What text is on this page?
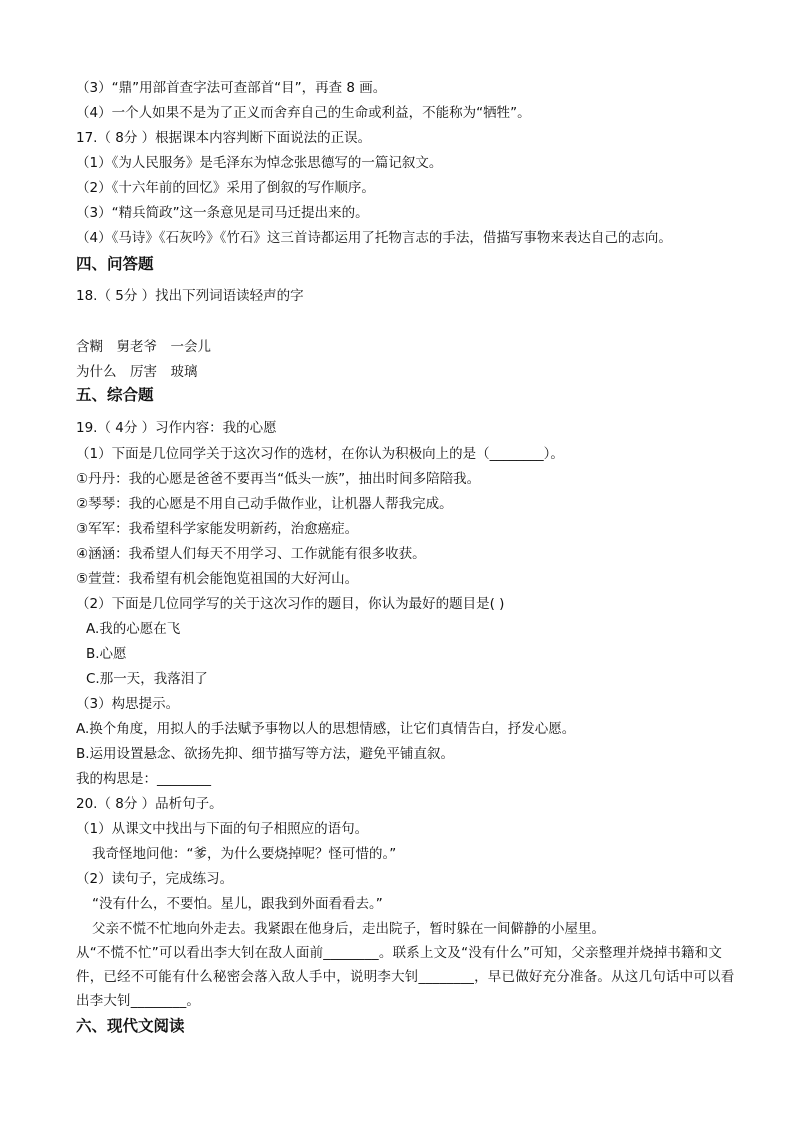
（3）“鼎”用部首查字法可查部首“目”，再查 8 画。
（4）一个人如果不是为了正义而舍弃自己的生命或利益，不能称为“牺牲”。
17.（ 8分 ）根据课本内容判断下面说法的正误。
（1）《为人民服务》是毛泽东为悼念张思德写的一篇记叙文。
（2）《十六年前的回忆》采用了倒叙的写作顺序。
（3）“精兵简政”这一条意见是司马迁提出来的。
（4）《马诗》《石灰吟》《竹石》这三首诗都运用了托物言志的手法，借描写事物来表达自己的志向。
四、问答题
18.（ 5分 ）找出下列词语读轻声的字
含糊　舅老爷　一会儿
为什么　厉害　玻璃
五、综合题
19.（ 4分 ）习作内容：我的心愿
（1）下面是几位同学关于这次习作的选材，在你认为积极向上的是（________）。
①丹丹：我的心愿是爸爸不要再当“低头一族”，抽出时间多陪陪我。
②琴琴：我的心愿是不用自己动手做作业，让机器人帮我完成。
③军军：我希望科学家能发明新药，治愈癌症。
④涵涵：我希望人们每天不用学习、工作就能有很多收获。
⑤萱萱：我希望有机会能饱览祖国的大好河山。
（2）下面是几位同学写的关于这次习作的题目，你认为最好的题目是( )
A.我的心愿在飞
B.心愿
C.那一天，我落泪了
（3）构思提示。
A.换个角度，用拟人的手法赋予事物以人的思想情感，让它们真情告白，抒发心愿。
B.运用设置悬念、欲扬先抑、细节描写等方法，避免平铺直叙。
我的构思是：________
20.（ 8分 ）品析句子。
（1）从课文中找出与下面的句子相照应的语句。
我奇怪地问他：“爹，为什么要烧掉呢？怪可惜的。”
（2）读句子，完成练习。
“没有什么，不要怕。星儿，跟我到外面看看去。”
父亲不慌不忙地向外走去。我紧跟在他身后，走出院子，暂时躲在一间僻静的小屋里。
从“不慌不忙”可以看出李大钊在敌人面前________。联系上文及“没有什么”可知，父亲整理并烧掉书籍和文件，已经不可能有什么秘密会落入敌人手中，说明李大钊________，早已做好充分准备。从这几句话中可以看出李大钊________。
六、现代文阅读
